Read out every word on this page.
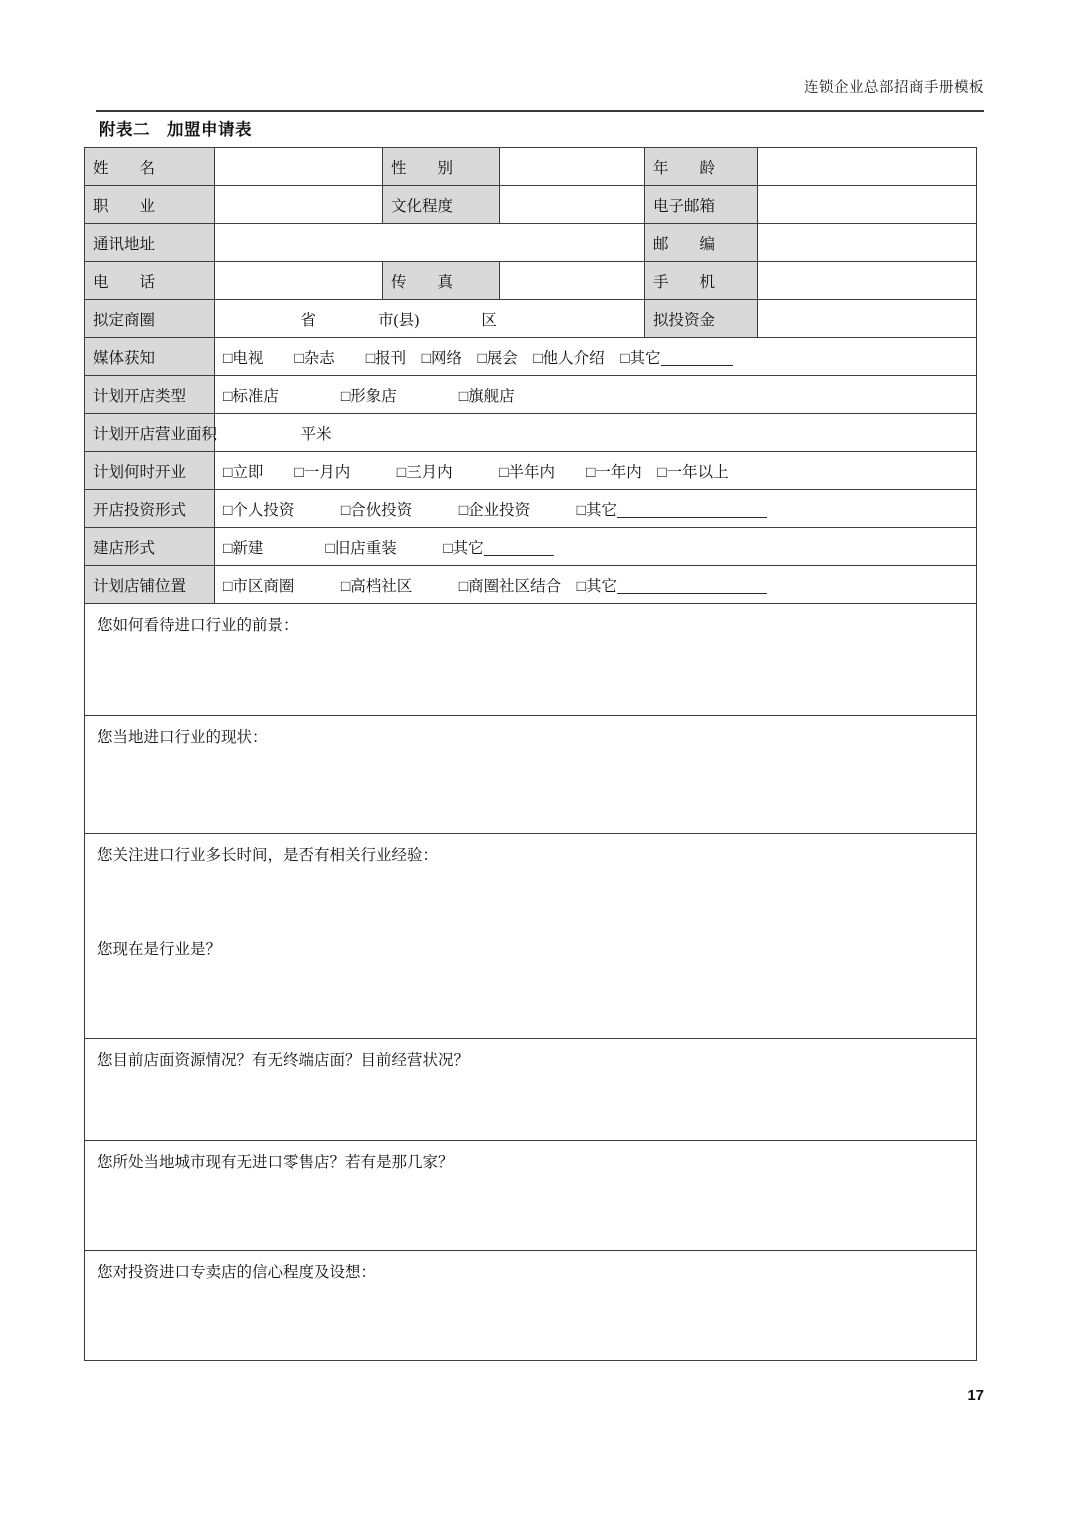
连锁企业总部招商手册模板
附表二　加盟申请表
姓　　名		性　　别		年　　龄	
职　　业		文化程度		电子邮箱	
通讯地址				邮　　编	
电　　话		传　　真		手　　机	
拟定商圈	　　　　　省　　　　市(县)　　　　区			拟投资金	
媒体获知	□电视　　□杂志　　□报刊　□网络　□展会　□他人介绍　□其它				
计划开店类型	□标准店　　　　□形象店　　　　□旗舰店				
计划开店营业面积	　　　　　平米				
计划何时开业	□立即　　□一月内　　　□三月内　　　□半年内　　□一年内　□一年以上				
开店投资形式	□个人投资　　　□合伙投资　　　□企业投资　　　□其它				
建店形式	□新建　　　　□旧店重装　　　□其它				
计划店铺位置	□市区商圈　　　□高档社区　　　□商圈社区结合　□其它				
您如何看待进口行业的前景：					
您当地进口行业的现状：					
您关注进口行业多长时间，是否有相关行业经验：
您现在是行业是？					

您目前店面资源情况？有无终端店面？目前经营状况？					
您所处当地城市现有无进口零售店？若有是那几家？					
您对投资进口专卖店的信心程度及设想：					
17
